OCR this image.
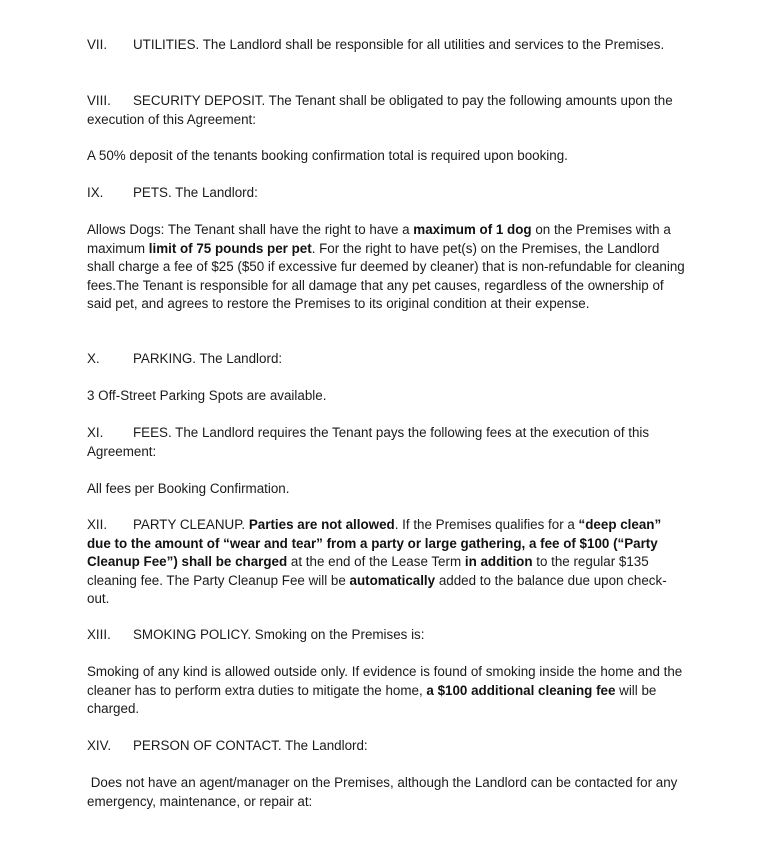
VII. UTILITIES. The Landlord shall be responsible for all utilities and services to the Premises.

VIII. SECURITY DEPOSIT. The Tenant shall be obligated to pay the following amounts upon the execution of this Agreement:

A 50% deposit of the tenants booking confirmation total is required upon booking.

IX. PETS. The Landlord:

Allows Dogs: The Tenant shall have the right to have a maximum of 1 dog on the Premises with a maximum limit of 75 pounds per pet. For the right to have pet(s) on the Premises, the Landlord shall charge a fee of $25 ($50 if excessive fur deemed by cleaner) that is non-refundable for cleaning fees.The Tenant is responsible for all damage that any pet causes, regardless of the ownership of said pet, and agrees to restore the Premises to its original condition at their expense.

X. PARKING. The Landlord:

3 Off-Street Parking Spots are available.

XI. FEES. The Landlord requires the Tenant pays the following fees at the execution of this Agreement:

All fees per Booking Confirmation.

XII. PARTY CLEANUP. Parties are not allowed. If the Premises qualifies for a “deep clean” due to the amount of “wear and tear” from a party or large gathering, a fee of $100 (“Party Cleanup Fee”) shall be charged at the end of the Lease Term in addition to the regular $135 cleaning fee. The Party Cleanup Fee will be automatically added to the balance due upon check-out.

XIII. SMOKING POLICY. Smoking on the Premises is:

Smoking of any kind is allowed outside only. If evidence is found of smoking inside the home and the cleaner has to perform extra duties to mitigate the home, a $100 additional cleaning fee will be charged.

XIV. PERSON OF CONTACT. The Landlord:

Does not have an agent/manager on the Premises, although the Landlord can be contacted for any emergency, maintenance, or repair at:
